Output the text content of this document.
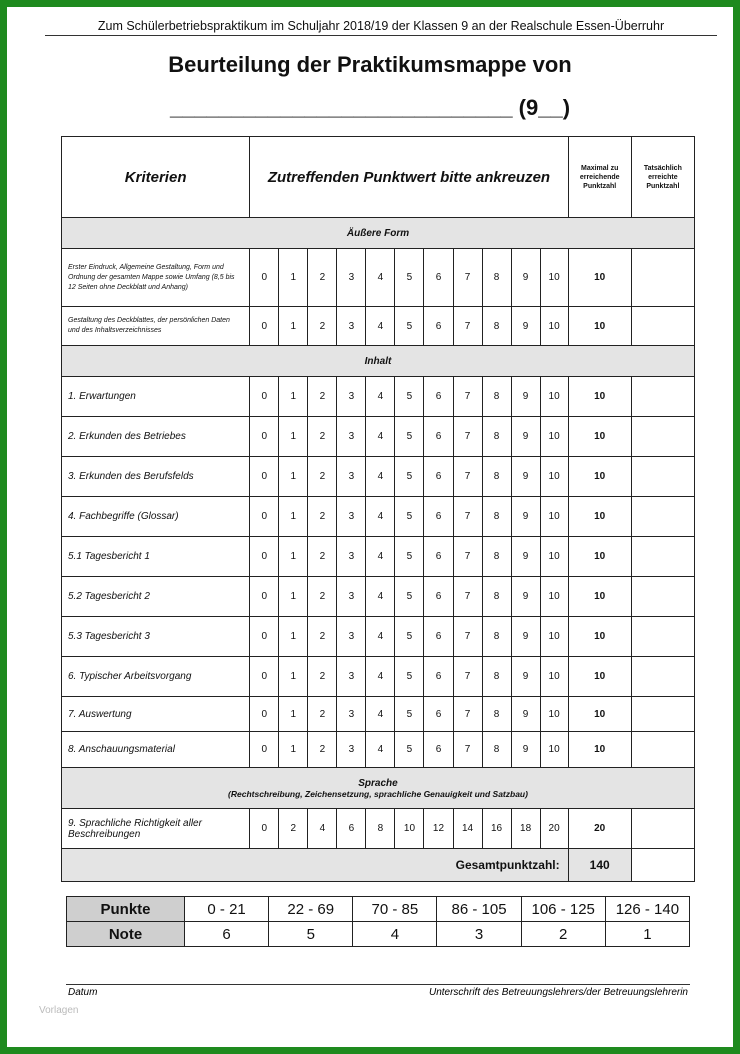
Zum Schülerbetriebspraktikum im Schuljahr 2018/19 der Klassen 9 an der Realschule Essen-Überruhr
Beurteilung der Praktikumsmappe von
____________________________ (9__)
Kriterien	Zutreffenden Punktwert bitte ankreuzen											Maximal zu erreichende Punktzahl	Tatsächlich erreichte Punktzahl
Äußere Form													
Erster Eindruck, Allgemeine Gestaltung, Form und Ordnung der gesamten Mappe sowie Umfang (8,5 bis 12 Seiten ohne Deckblatt und Anhang)	0	1	2	3	4	5	6	7	8	9	10	10	
Gestaltung des Deckblattes, der persönlichen Daten und des Inhaltsverzeichnisses	0	1	2	3	4	5	6	7	8	9	10	10	
Inhalt													
1. Erwartungen	0	1	2	3	4	5	6	7	8	9	10	10	
2. Erkunden des Betriebes	0	1	2	3	4	5	6	7	8	9	10	10	
3. Erkunden des Berufsfelds	0	1	2	3	4	5	6	7	8	9	10	10	
4. Fachbegriffe (Glossar)	0	1	2	3	4	5	6	7	8	9	10	10	
5.1 Tagesbericht 1	0	1	2	3	4	5	6	7	8	9	10	10	
5.2 Tagesbericht 2	0	1	2	3	4	5	6	7	8	9	10	10	
5.3 Tagesbericht 3	0	1	2	3	4	5	6	7	8	9	10	10	
6. Typischer Arbeitsvorgang	0	1	2	3	4	5	6	7	8	9	10	10	
7. Auswertung	0	1	2	3	4	5	6	7	8	9	10	10	
8. Anschauungsmaterial	0	1	2	3	4	5	6	7	8	9	10	10	
Sprache
(Rechtschreibung, Zeichensetzung, sprachliche Genauigkeit und Satzbau)													

9. Sprachliche Richtigkeit aller Beschreibungen	0	2	4	6	8	10	12	14	16	18	20	20	
Gesamtpunktzahl:												140	
Punkte	0 - 21	22 - 69	70 - 85	86 - 105	106 - 125	126 - 140
Note	6	5	4	3	2	1
Datum	Unterschrift des Betreuungslehrers/der Betreuungslehrerin
Vorlagen
